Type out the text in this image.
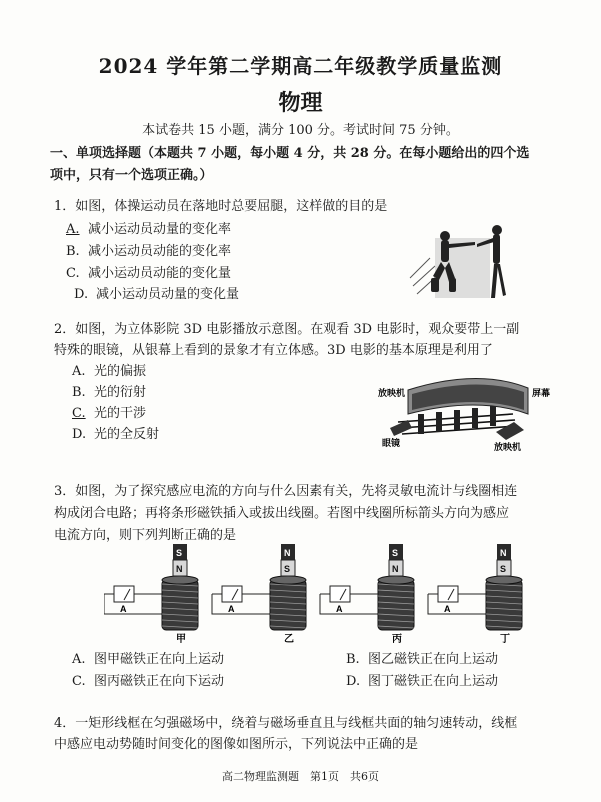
2024 学年第二学期高二年级教学质量监测
物理
本试卷共 15 小题，满分 100 分。考试时间 75 分钟。
一、单项选择题（本题共 7 小题，每小题 4 分，共 28 分。在每小题给出的四个选
项中，只有一个选项正确。）
1．如图，体操运动员在落地时总要屈腿，这样做的目的是
A. 减小运动员动量的变化率
B. 减小运动员动能的变化率
C. 减小运动员动能的变化量
D. 减小运动员动量的变化量
2．如图，为立体影院 3D 电影播放示意图。在观看 3D 电影时，观众要带上一副
特殊的眼镜，从银幕上看到的景象才有立体感。3D 电影的基本原理是利用了
A. 光的偏振
B. 光的衍射
C. 光的干涉
D. 光的全反射
放映机	屏幕
眼镜	放映机
3．如图，为了探究感应电流的方向与什么因素有关，先将灵敏电流计与线圈相连
构成闭合电路；再将条形磁铁插入或拔出线圈。若图中线圈所标箭头方向为感应
电流方向，则下列判断正确的是
A
S
N
甲
A
N
S
乙
A
S
N
丙
A
N
S
丁
A. 图甲磁铁正在向上运动	B. 图乙磁铁正在向上运动
C. 图丙磁铁正在向下运动	D. 图丁磁铁正在向上运动
4．一矩形线框在匀强磁场中，绕着与磁场垂直且与线框共面的轴匀速转动，线框
中感应电动势随时间变化的图像如图所示，下列说法中正确的是
高二物理监测题　第1页　共6页
